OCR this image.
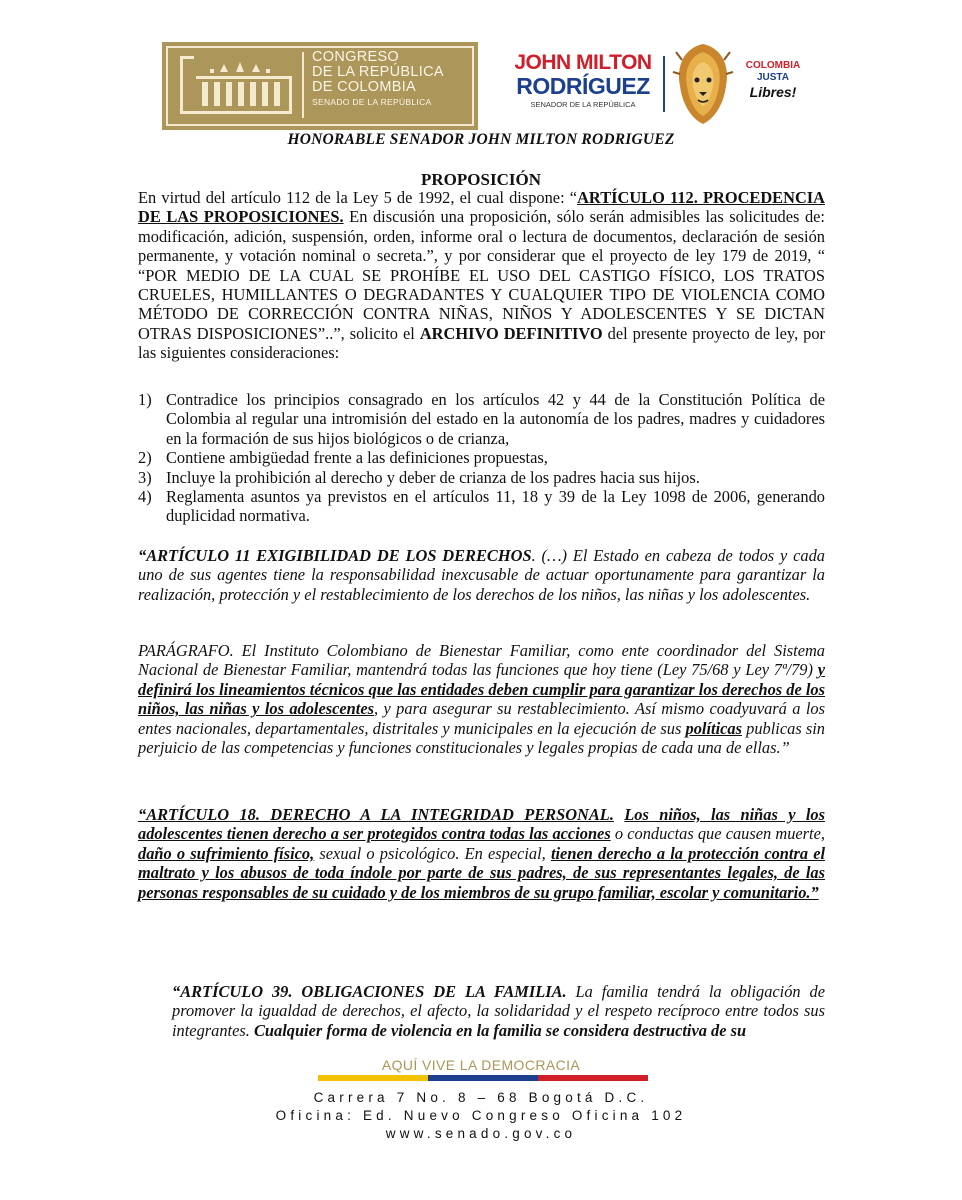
CONGRESO
DE LA REPÚBLICA
DE COLOMBIA
SENADO DE LA REPÚBLICA
JOHN MILTON
RODRÍGUEZ
SENADOR DE LA REPÚBLICA
COLOMBIA
JUSTA
Libres!
HONORABLE SENADOR JOHN MILTON RODRIGUEZ
PROPOSICIÓN
En virtud del artículo 112 de la Ley 5 de 1992, el cual dispone: “ARTÍCULO 112. PROCEDENCIA DE LAS PROPOSICIONES. En discusión una proposición, sólo serán admisibles las solicitudes de: modificación, adición, suspensión, orden, informe oral o lectura de documentos, declaración de sesión permanente, y votación nominal o secreta.”, y por considerar que el proyecto de ley 179 de 2019, “ “POR MEDIO DE LA CUAL SE PROHÍBE EL USO DEL CASTIGO FÍSICO, LOS TRATOS CRUELES, HUMILLANTES O DEGRADANTES Y CUALQUIER TIPO DE VIOLENCIA COMO MÉTODO DE CORRECCIÓN CONTRA NIÑAS, NIÑOS Y ADOLESCENTES Y SE DICTAN OTRAS DISPOSICIONES”..”, solicito el ARCHIVO DEFINITIVO del presente proyecto de ley, por las siguientes consideraciones:
1) Contradice los principios consagrado en los artículos 42 y 44 de la Constitución Política de Colombia al regular una intromisión del estado en la autonomía de los padres, madres y cuidadores en la formación de sus hijos biológicos o de crianza,
2) Contiene ambigüedad frente a las definiciones propuestas,
3) Incluye la prohibición al derecho y deber de crianza de los padres hacia sus hijos.
4) Reglamenta asuntos ya previstos en el artículos 11, 18 y 39 de la Ley 1098 de 2006, generando duplicidad normativa.
“ARTÍCULO 11 EXIGIBILIDAD DE LOS DERECHOS. (…) El Estado en cabeza de todos y cada uno de sus agentes tiene la responsabilidad inexcusable de actuar oportunamente para garantizar la realización, protección y el restablecimiento de los derechos de los niños, las niñas y los adolescentes.
PARÁGRAFO. El Instituto Colombiano de Bienestar Familiar, como ente coordinador del Sistema Nacional de Bienestar Familiar, mantendrá todas las funciones que hoy tiene (Ley 75/68 y Ley 7ª/79) y definirá los lineamientos técnicos que las entidades deben cumplir para garantizar los derechos de los niños, las niñas y los adolescentes, y para asegurar su restablecimiento. Así mismo coadyuvará a los entes nacionales, departamentales, distritales y municipales en la ejecución de sus políticas publicas sin perjuicio de las competencias y funciones constitucionales y legales propias de cada una de ellas.”
“ARTÍCULO 18. DERECHO A LA INTEGRIDAD PERSONAL. Los niños, las niñas y los adolescentes tienen derecho a ser protegidos contra todas las acciones o conductas que causen muerte, daño o sufrimiento físico, sexual o psicológico. En especial, tienen derecho a la protección contra el maltrato y los abusos de toda índole por parte de sus padres, de sus representantes legales, de las personas responsables de su cuidado y de los miembros de su grupo familiar, escolar y comunitario.”
“ARTÍCULO 39. OBLIGACIONES DE LA FAMILIA. La familia tendrá la obligación de promover la igualdad de derechos, el afecto, la solidaridad y el respeto recíproco entre todos sus integrantes. Cualquier forma de violencia en la familia se considera destructiva de su
AQUÍ VIVE LA DEMOCRACIA
Carrera 7 No. 8 – 68 Bogotá D.C.
Oficina: Ed. Nuevo Congreso Oficina 102
www.senado.gov.co
